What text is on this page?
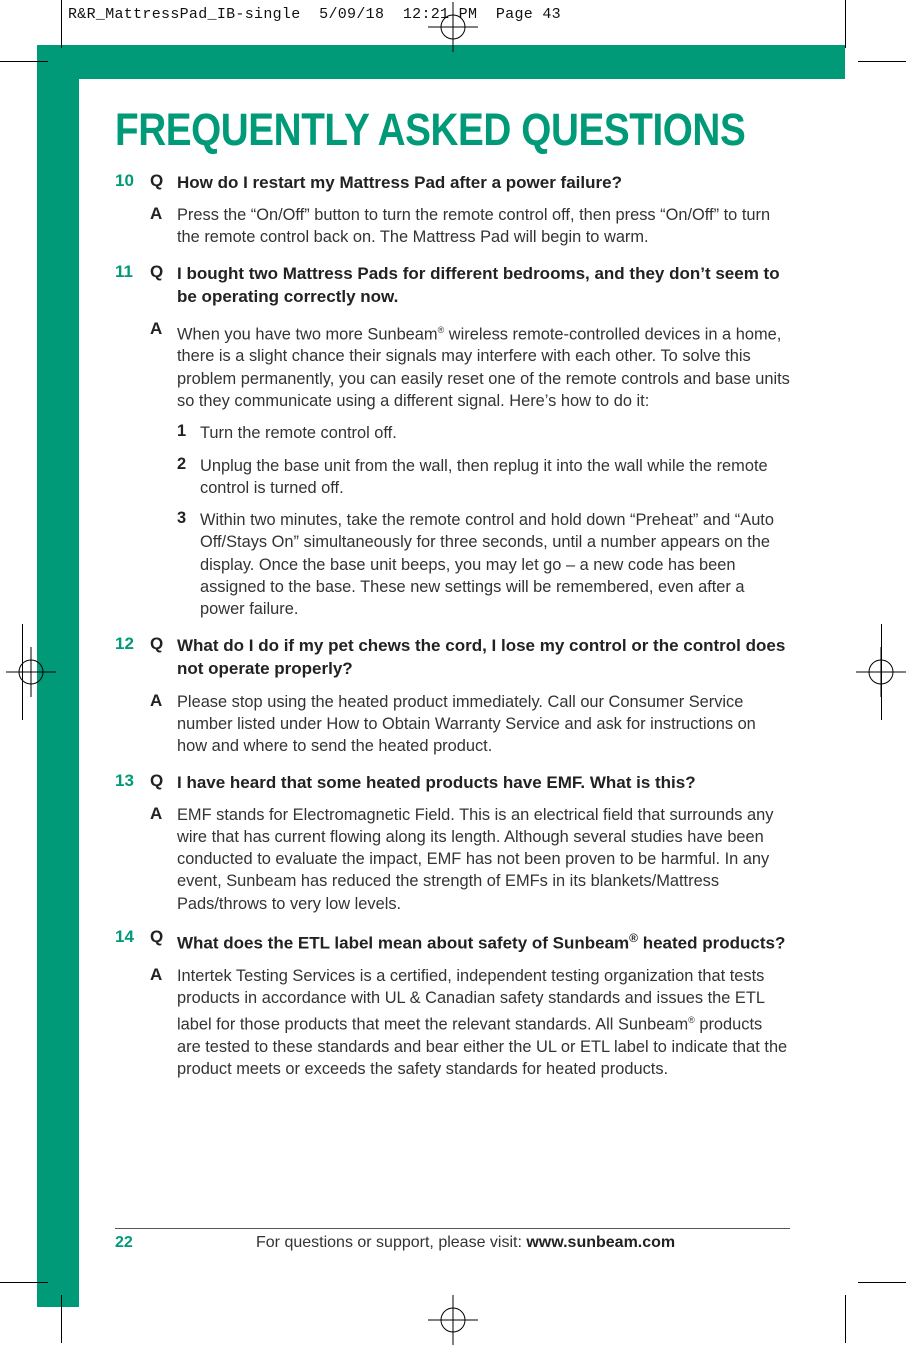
R&R_MattressPad_IB-single  5/09/18  12:21 PM  Page 43
FREQUENTLY ASKED QUESTIONS
10 Q How do I restart my Mattress Pad after a power failure?
A Press the “On/Off” button to turn the remote control off, then press “On/Off” to turn the remote control back on. The Mattress Pad will begin to warm.
11	Q I bought two Mattress Pads for different bedrooms, and they don’t seem to be operating correctly now.
A When you have two more Sunbeam® wireless remote-controlled devices in a home, there is a slight chance their signals may interfere with each other. To solve this problem permanently, you can easily reset one of the remote controls and base units so they communicate using a different signal. Here’s how to do it:
1 Turn the remote control off.
2 Unplug the base unit from the wall, then replug it into the wall while the remote control is turned off.
3 Within two minutes, take the remote control and hold down “Preheat” and “Auto Off/Stays On” simultaneously for three seconds, until a number appears on the display. Once the base unit beeps, you may let go – a new code has been assigned to the base. These new settings will be remembered, even after a power failure.
12 Q What do I do if my pet chews the cord, I lose my control or the control does not operate properly?
A Please stop using the heated product immediately. Call our Consumer Service number listed under How to Obtain Warranty Service and ask for instructions on how and where to send the heated product.
13 Q I have heard that some heated products have EMF. What is this?
A EMF stands for Electromagnetic Field. This is an electrical field that surrounds any wire that has current flowing along its length. Although several studies have been conducted to evaluate the impact, EMF has not been proven to be harmful. In any event, Sunbeam has reduced the strength of EMFs in its blankets/Mattress Pads/throws to very low levels.
14 Q What does the ETL label mean about safety of Sunbeam® heated products?
A Intertek Testing Services is a certified, independent testing organization that tests products in accordance with UL & Canadian safety standards and issues the ETL label for those products that meet the relevant standards. All Sunbeam® products are tested to these standards and bear either the UL or ETL label to indicate that the product meets or exceeds the safety standards for heated products.
22	For questions or support, please visit: www.sunbeam.com
